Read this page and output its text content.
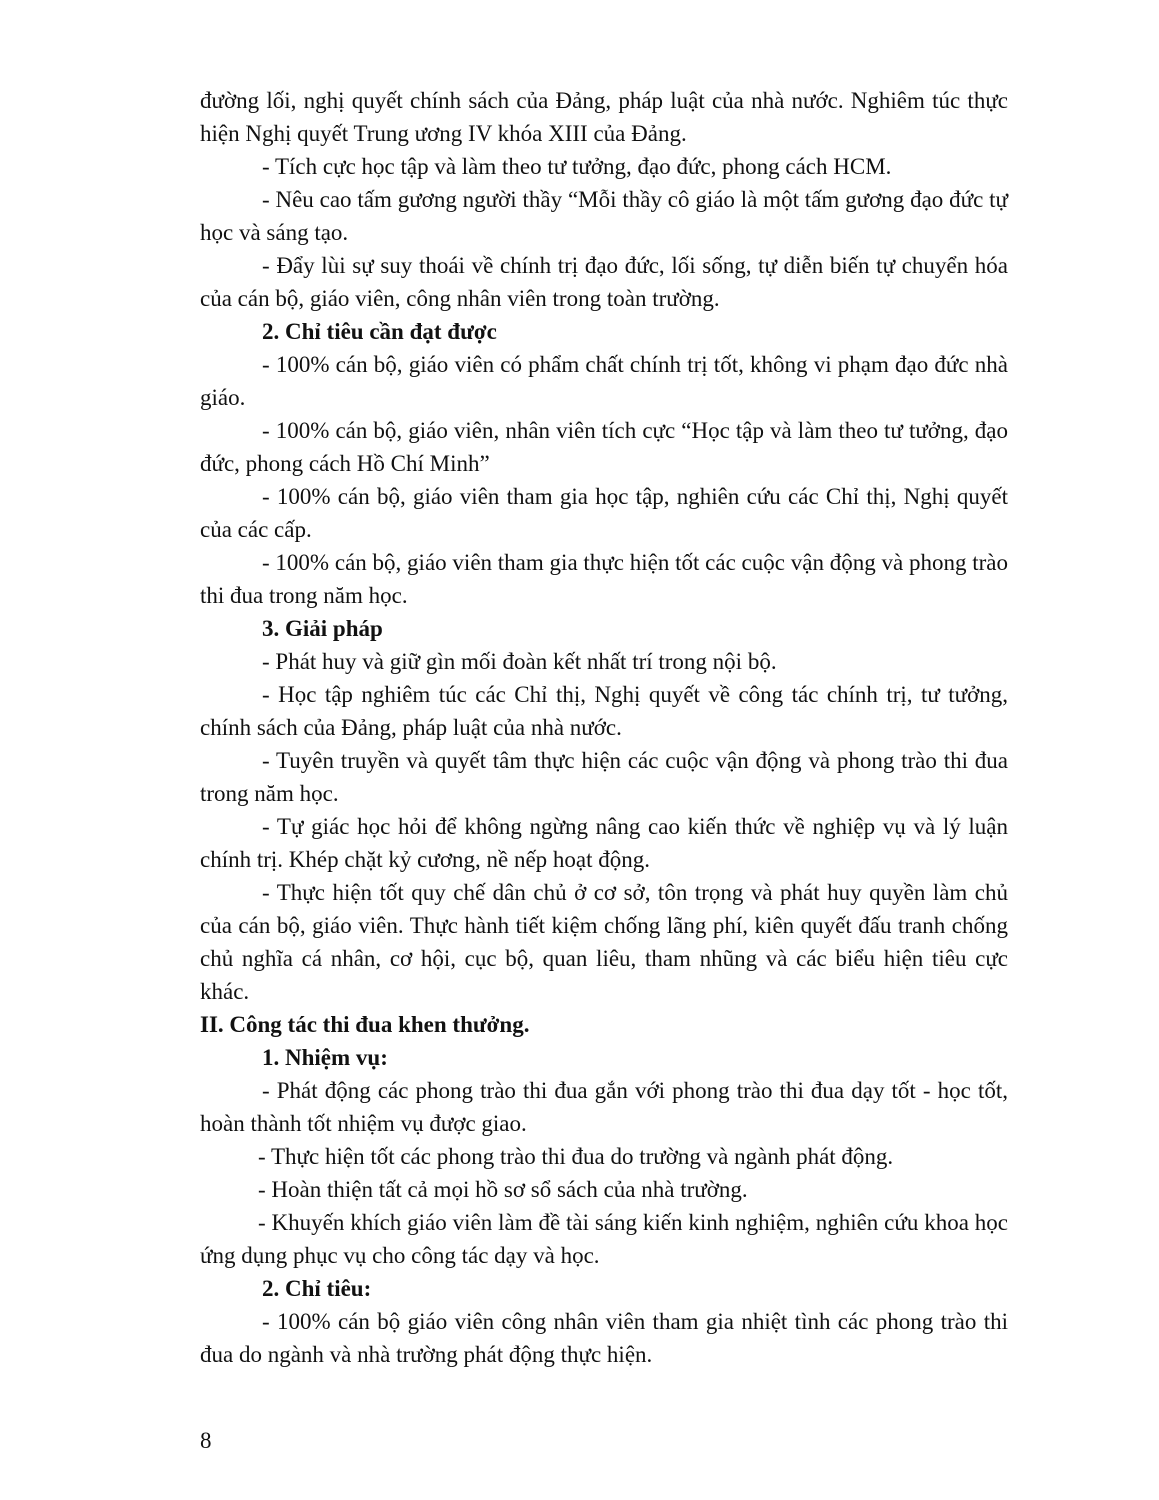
đường lối, nghị quyết chính sách của Đảng, pháp luật của nhà nước. Nghiêm túc thực hiện Nghị quyết Trung ương IV khóa XIII của Đảng.

- Tích cực học tập và làm theo tư tưởng, đạo đức, phong cách HCM.

- Nêu cao tấm gương người thầy “Mỗi thầy cô giáo là một tấm gương đạo đức tự học và sáng tạo.

- Đẩy lùi sự suy thoái về chính trị đạo đức, lối sống, tự diễn biến tự chuyển hóa của cán bộ, giáo viên, công nhân viên trong toàn trường.

2. Chỉ tiêu cần đạt được

- 100% cán bộ, giáo viên có phẩm chất chính trị tốt, không vi phạm đạo đức nhà giáo.

- 100% cán bộ, giáo viên, nhân viên tích cực “Học tập và làm theo tư tưởng, đạo đức, phong cách Hồ Chí Minh”

- 100% cán bộ, giáo viên tham gia học tập, nghiên cứu các Chỉ thị, Nghị quyết của các cấp.

- 100% cán bộ, giáo viên tham gia thực hiện tốt các cuộc vận động và phong trào thi đua trong năm học.

3. Giải pháp

- Phát huy và giữ gìn mối đoàn kết nhất trí trong nội bộ.

- Học tập nghiêm túc các Chỉ thị, Nghị quyết về công tác chính trị, tư tưởng, chính sách của Đảng, pháp luật của nhà nước.

- Tuyên truyền và quyết tâm thực hiện các cuộc vận động và phong trào thi đua trong năm học.

- Tự giác học hỏi để không ngừng nâng cao kiến thức về nghiệp vụ và lý luận chính trị. Khép chặt kỷ cương, nề nếp hoạt động.

- Thực hiện tốt quy chế dân chủ ở cơ sở, tôn trọng và phát huy quyền làm chủ của cán bộ, giáo viên. Thực hành tiết kiệm chống lãng phí, kiên quyết đấu tranh chống chủ nghĩa cá nhân, cơ hội, cục bộ, quan liêu, tham nhũng và các biểu hiện tiêu cực khác.

II. Công tác thi đua khen thưởng.

1. Nhiệm vụ:

- Phát động các phong trào thi đua gắn với phong trào thi đua dạy tốt - học tốt, hoàn thành tốt nhiệm vụ được giao.

- Thực hiện tốt các phong trào thi đua do trường và ngành phát động.

- Hoàn thiện tất cả mọi hồ sơ sổ sách của nhà trường.

- Khuyến khích giáo viên làm đề tài sáng kiến kinh nghiệm, nghiên cứu khoa học ứng dụng phục vụ cho công tác dạy và học.

2. Chỉ tiêu:

- 100% cán bộ giáo viên công nhân viên tham gia nhiệt tình các phong trào thi đua do ngành và nhà trường phát động thực hiện.

8
